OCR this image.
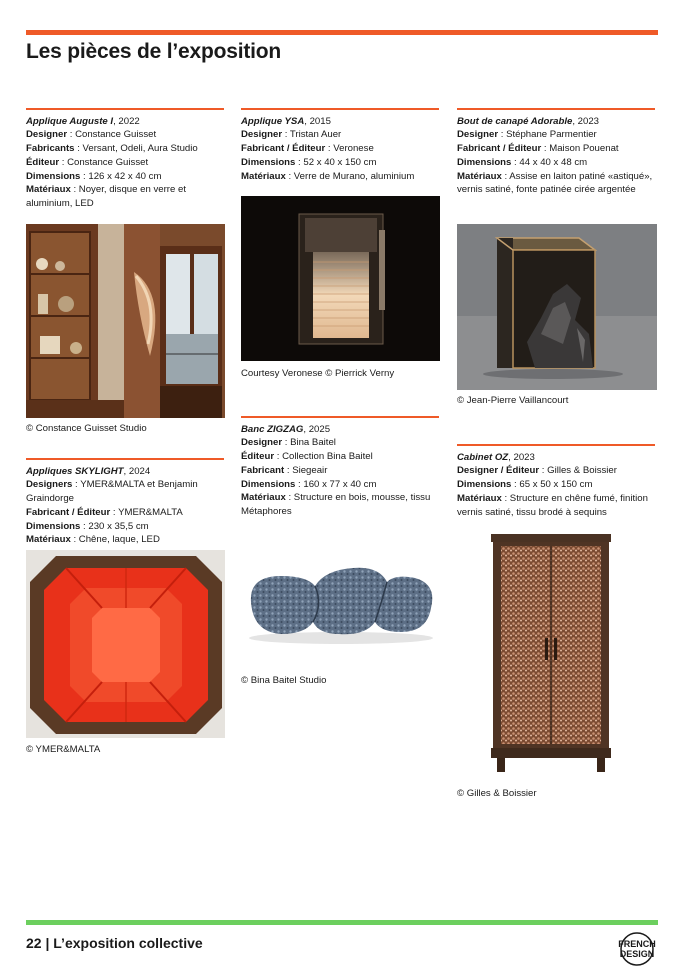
Les pièces de l’exposition
Applique Auguste I, 2022
Designer : Constance Guisset
Fabricants : Versant, Odeli, Aura Studio
Éditeur : Constance Guisset
Dimensions : 126 x 42 x 40 cm
Matériaux : Noyer, disque en verre et aluminium, LED
© Constance Guisset Studio
Appliques SKYLIGHT, 2024
Designers : YMER&MALTA et Benjamin Graindorge
Fabricant / Éditeur : YMER&MALTA
Dimensions : 230 x 35,5 cm
Matériaux : Chêne, laque, LED
© YMER&MALTA
Applique YSA, 2015
Designer : Tristan Auer
Fabricant / Éditeur : Veronese
Dimensions : 52 x 40 x 150 cm
Matériaux : Verre de Murano, aluminium
Courtesy Veronese © Pierrick Verny
Banc ZIGZAG, 2025
Designer : Bina Baitel
Éditeur : Collection Bina Baitel
Fabricant : Siegeair
Dimensions : 160 x 77 x 40 cm
Matériaux : Structure en bois, mousse, tissu Métaphores
© Bina Baitel Studio
Bout de canapé Adorable, 2023
Designer : Stéphane Parmentier
Fabricant / Éditeur : Maison Pouenat
Dimensions : 44 x 40 x 48 cm
Matériaux : Assise en laiton patiné «astiqué», vernis satiné, fonte patinée cirée argentée
© Jean-Pierre Vaillancourt
Cabinet OZ, 2023
Designer / Éditeur : Gilles & Boissier
Dimensions : 65 x 50 x 150 cm
Matériaux : Structure en chêne fumé, finition vernis satiné, tissu brodé à sequins
© Gilles & Boissier
22 | L’exposition collective	FRENCH
DESIGN
